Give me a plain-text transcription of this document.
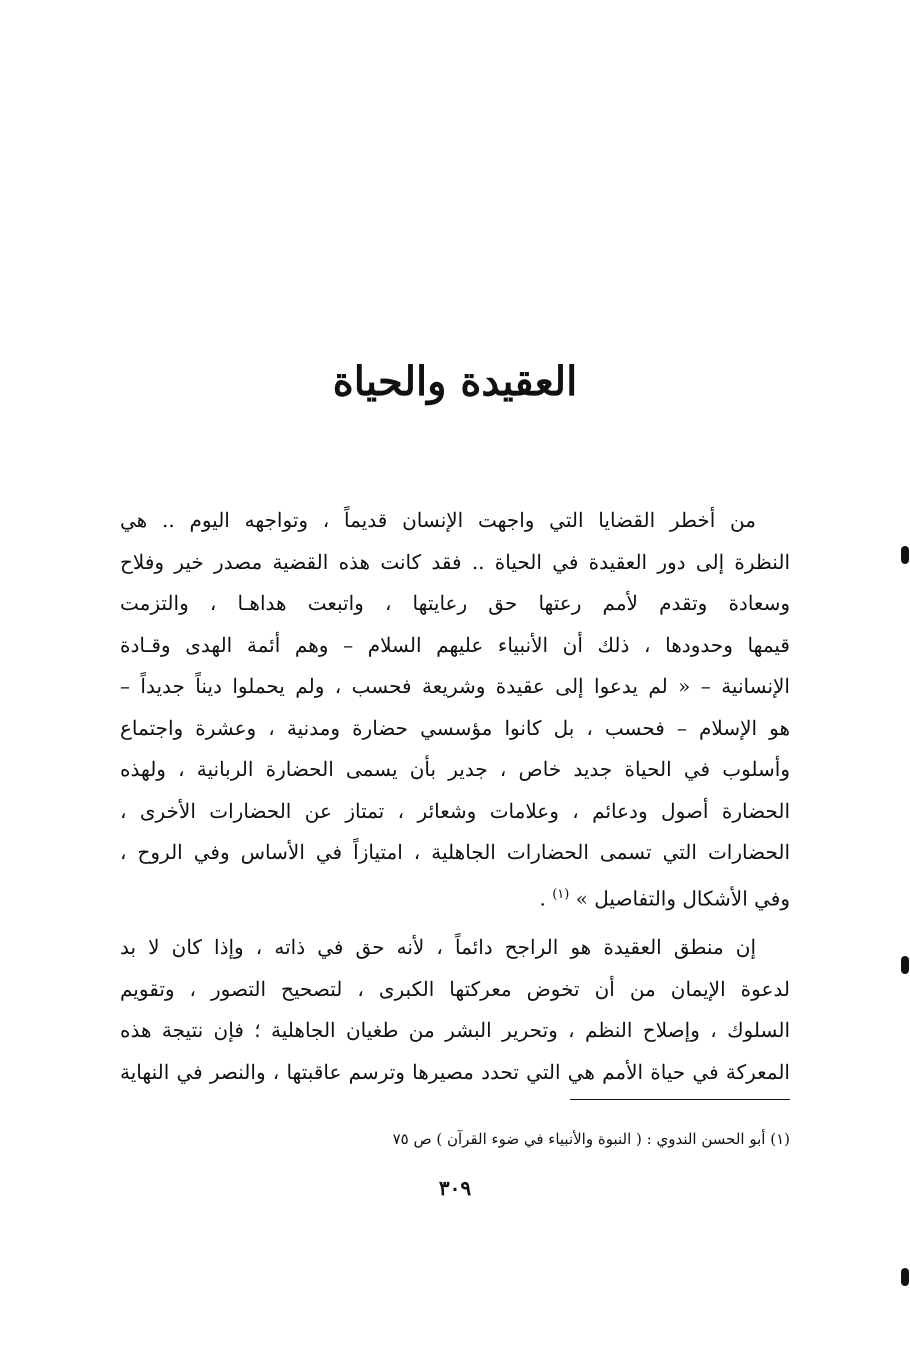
العقيدة والحياة
من أخطر القضايا التي واجهت الإنسان قديماً ، وتواجهه اليوم .. هي
النظرة إلى دور العقيدة في الحياة .. فقد كانت هذه القضية مصدر خير وفلاح
وسعادة وتقدم لأمم رعتها حق رعايتها ، واتبعت هداهـا ، والتزمت
قيمها وحدودها ، ذلك أن الأنبياء عليهم السلام – وهم أئمة الهدى وقـادة
الإنسانية – « لم يدعوا إلى عقيدة وشريعة فحسب ، ولم يحملوا ديناً جديداً –
هو الإسلام – فحسب ، بل كانوا مؤسسي حضارة ومدنية ، وعشرة واجتماع
وأسلوب في الحياة جديد خاص ، جدير بأن يسمى الحضارة الربانية ، ولهذه
الحضارة أصول ودعائم ، وعلامات وشعائر ، تمتاز عن الحضارات الأخرى ،
الحضارات التي تسمى الحضارات الجاهلية ، امتيازاً في الأساس وفي الروح ،
وفي الأشكال والتفاصيل » $^{(١)}$ .
إن منطق العقيدة هو الراجح دائماً ، لأنه حق في ذاته ، وإذا كان لا بد
لدعوة الإيمان من أن تخوض معركتها الكبرى ، لتصحيح التصور ، وتقويم
السلوك ، وإصلاح النظم ، وتحرير البشر من طغيان الجاهلية ؛ فإن نتيجة هذه
المعركة في حياة الأمم هي التي تحدد مصيرها وترسم عاقبتها ، والنصر في النهاية
(١) أبو الحسن الندوي : ( النبوة والأنبياء في ضوء القرآن ) ص ٧٥
٣٠٩
